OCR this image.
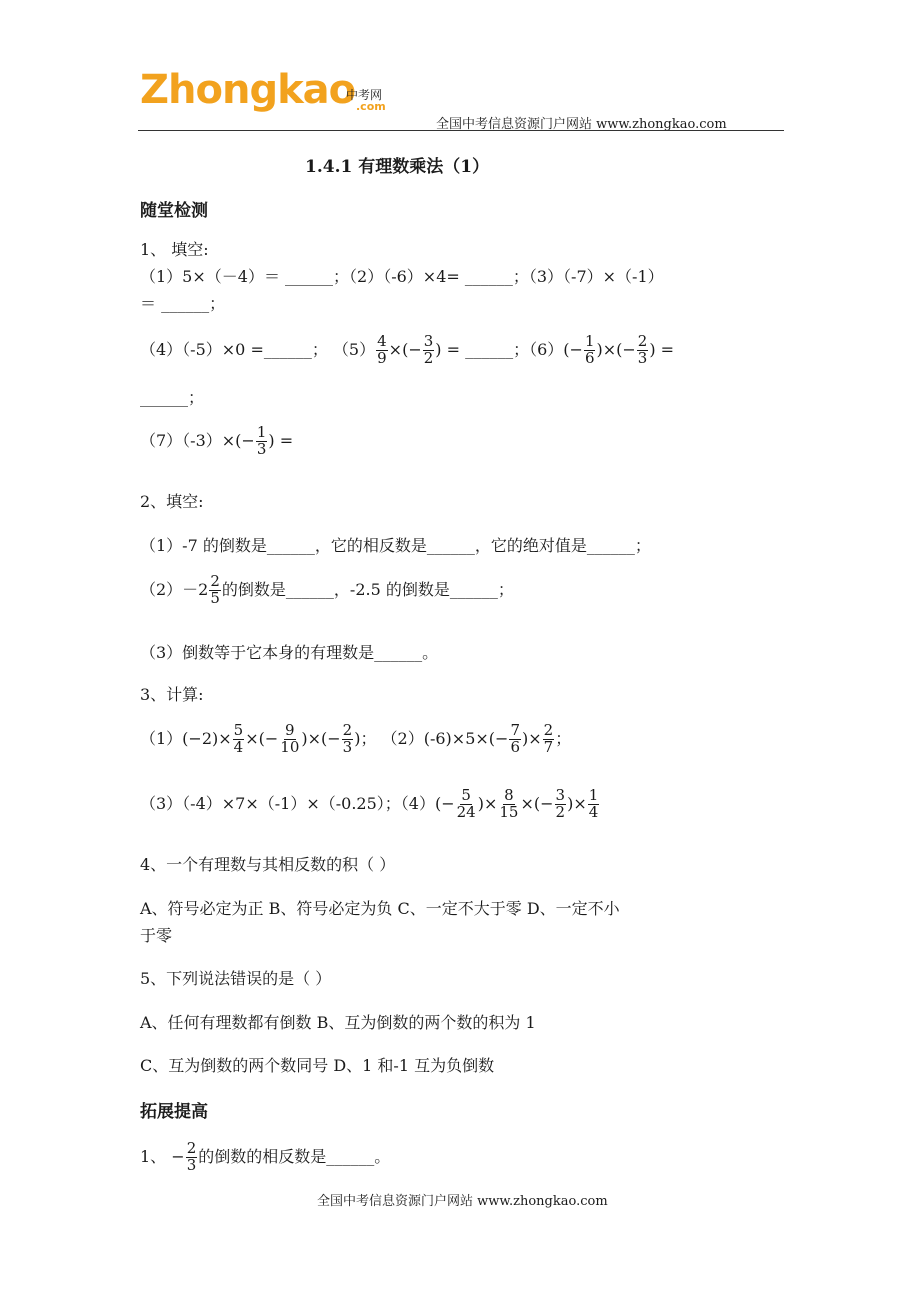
Zhongkao
中考网
.com
全国中考信息资源门户网站 www.zhongkao.com
1.4.1 有理数乘法（1）
随堂检测
1、 填空:
（1）5×（－4）＝ ______；（2）（-6）×4= ______；（3）（-7）×（-1）
＝ ______；
（4）（-5）×0 =______； $(5) \frac{4}{9}$ ×(− $\frac{3}{2}$ ) = ______；$(6)(- \frac{1}{6}$ )×(− $\frac{2}{3}$ ) =
______；
$(7)(-3)\times(- \frac{1}{3}$ ) =
2、填空:
（1）-7 的倒数是______，它的相反数是______，它的绝对值是______；
$(2)-2 \frac{2}{5}$ 的倒数是______，-2.5 的倒数是______；
（3）倒数等于它本身的有理数是______。
3、计算:
$(1)(-2)\times \frac{5}{4}$ ×(− $\frac{9}{10}$ )×(− $\frac{2}{3}$ )； $(2)(-6)\times 5\times(- \frac{7}{6}$ )× $\frac{2}{7}$ ；
（3）（-4）×7×（-1）×（-0.25）；$(4)(- \frac{5}{24}$ )× $\frac{8}{15}$ ×(− $\frac{3}{2}$ )× $\frac{1}{4}$
4、一个有理数与其相反数的积（ ）
A、符号必定为正 B、符号必定为负 C、一定不大于零 D、一定不小
于零
5、下列说法错误的是（ ）
A、任何有理数都有倒数 B、互为倒数的两个数的积为 1
C、互为倒数的两个数同号 D、1 和-1 互为负倒数
拓展提高
1、 − $\frac{2}{3}$ 的倒数的相反数是______。
全国中考信息资源门户网站 www.zhongkao.com
